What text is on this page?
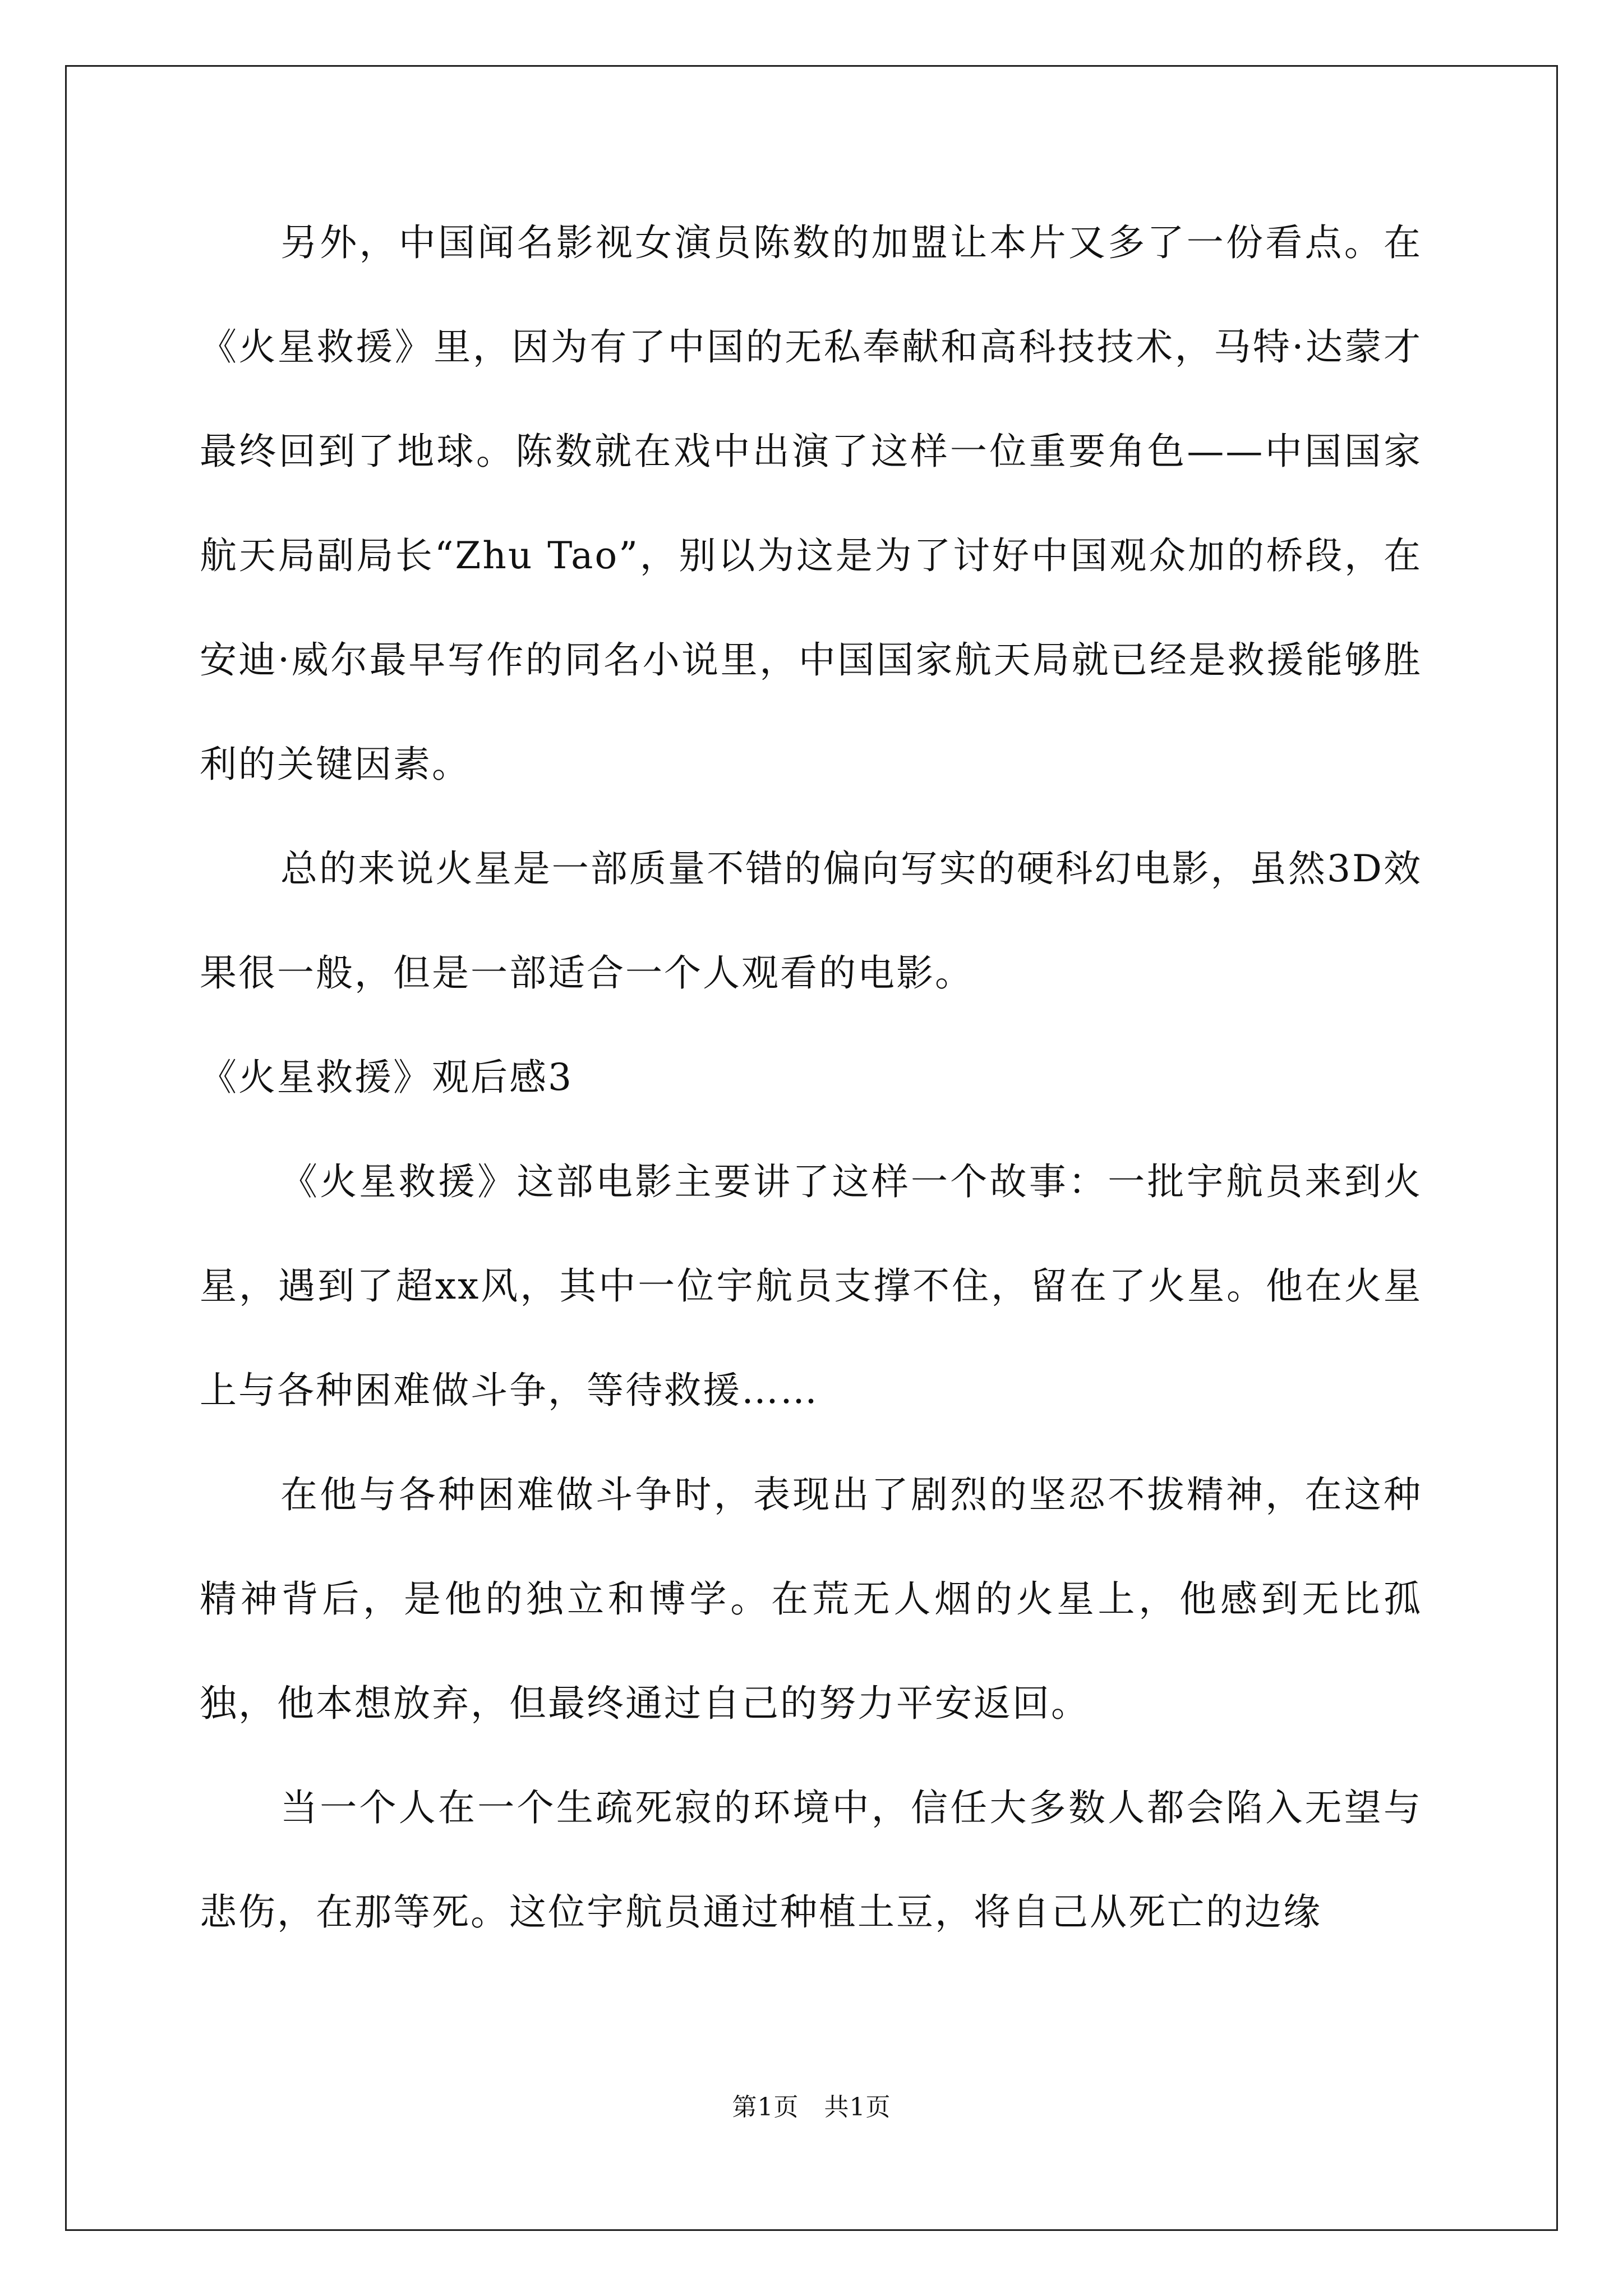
另外，中国闻名影视女演员陈数的加盟让本片又多了一份看点。在《火星救援》里，因为有了中国的无私奉献和高科技技术，马特·达蒙才最终回到了地球。陈数就在戏中出演了这样一位重要角色——中国国家航天局副局长“Zhu Tao”，别以为这是为了讨好中国观众加的桥段，在安迪·威尔最早写作的同名小说里，中国国家航天局就已经是救援能够胜利的关键因素。

总的来说火星是一部质量不错的偏向写实的硬科幻电影，虽然3D效果很一般，但是一部适合一个人观看的电影。

《火星救援》观后感3

《火星救援》这部电影主要讲了这样一个故事：一批宇航员来到火星，遇到了超xx风，其中一位宇航员支撑不住，留在了火星。他在火星上与各种困难做斗争，等待救援……

在他与各种困难做斗争时，表现出了剧烈的坚忍不拔精神，在这种精神背后，是他的独立和博学。在荒无人烟的火星上，他感到无比孤独，他本想放弃，但最终通过自己的努力平安返回。

当一个人在一个生疏死寂的环境中，信任大多数人都会陷入无望与悲伤，在那等死。这位宇航员通过种植土豆，将自己从死亡的边缘

第1页 共1页
